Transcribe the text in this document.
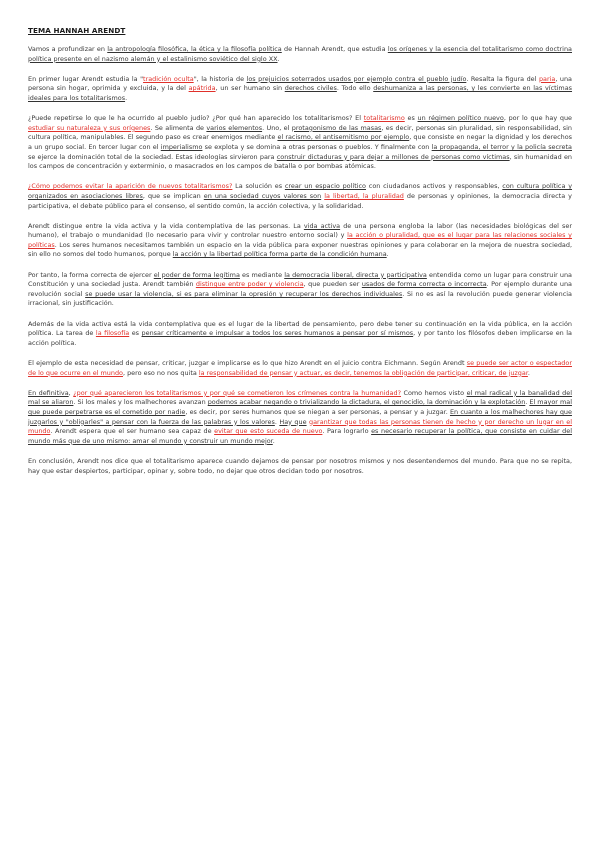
TEMA HANNAH ARENDT

Vamos a profundizar en la antropología filosófica, la ética y la filosofía política de Hannah Arendt, que estudia los orígenes y la esencia del totalitarismo como doctrina política presente en el nazismo alemán y el estalinismo soviético del siglo XX.

En primer lugar Arendt estudia la "tradición oculta", la historia de los prejuicios soterrados usados por ejemplo contra el pueblo judío. Resalta la figura del paria, una persona sin hogar, oprimida y excluida, y la del apátrida, un ser humano sin derechos civiles. Todo ello deshumaniza a las personas, y les convierte en las víctimas ideales para los totalitarismos.

¿Puede repetirse lo que le ha ocurrido al pueblo judío? ¿Por qué han aparecido los totalitarismos? El totalitarismo es un régimen político nuevo, por lo que hay que estudiar su naturaleza y sus orígenes. Se alimenta de varios elementos. Uno, el protagonismo de las masas, es decir, personas sin pluralidad, sin responsabilidad, sin cultura política, manipulables. El segundo paso es crear enemigos mediante el racismo, el antisemitismo por ejemplo, que consiste en negar la dignidad y los derechos a un grupo social. En tercer lugar con el imperialismo se explota y se domina a otras personas o pueblos. Y finalmente con la propaganda, el terror y la policía secreta se ejerce la dominación total de la sociedad. Estas ideologías sirvieron para construir dictaduras y para dejar a millones de personas como víctimas, sin humanidad en los campos de concentración y exterminio, o masacrados en los campos de batalla o por bombas atómicas.

¿Cómo podemos evitar la aparición de nuevos totalitarismos? La solución es crear un espacio político con ciudadanos activos y responsables, con cultura política y organizados en asociaciones libres, que se implican en una sociedad cuyos valores son la libertad, la pluralidad de personas y opiniones, la democracia directa y participativa, el debate público para el consenso, el sentido común, la acción colectiva, y la solidaridad.

Arendt distingue entre la vida activa y la vida contemplativa de las personas. La vida activa de una persona engloba la labor (las necesidades biológicas del ser humano), el trabajo o mundanidad (lo necesario para vivir y controlar nuestro entorno social) y la acción o pluralidad, que es el lugar para las relaciones sociales y políticas. Los seres humanos necesitamos también un espacio en la vida pública para exponer nuestras opiniones y para colaborar en la mejora de nuestra sociedad, sin ello no somos del todo humanos, porque la acción y la libertad política forma parte de la condición humana.

Por tanto, la forma correcta de ejercer el poder de forma legítima es mediante la democracia liberal, directa y participativa entendida como un lugar para construir una Constitución y una sociedad justa. Arendt también distingue entre poder y violencia, que pueden ser usados de forma correcta o incorrecta. Por ejemplo durante una revolución social se puede usar la violencia, si es para eliminar la opresión y recuperar los derechos individuales. Si no es así la revolución puede generar violencia irracional, sin justificación.

Además de la vida activa está la vida contemplativa que es el lugar de la libertad de pensamiento, pero debe tener su continuación en la vida pública, en la acción política. La tarea de la filosofía es pensar críticamente e impulsar a todos los seres humanos a pensar por sí mismos, y por tanto los filósofos deben implicarse en la acción política.

El ejemplo de esta necesidad de pensar, criticar, juzgar e implicarse es lo que hizo Arendt en el juicio contra Eichmann. Según Arendt se puede ser actor o espectador de lo que ocurre en el mundo, pero eso no nos quita la responsabilidad de pensar y actuar, es decir, tenemos la obligación de participar, criticar, de juzgar.

En definitiva, ¿por qué aparecieron los totalitarismos y por qué se cometieron los crímenes contra la humanidad? Como hemos visto el mal radical y la banalidad del mal se aliaron. Si los males y los malhechores avanzan podemos acabar negando o trivializando la dictadura, el genocidio, la dominación y la explotación. El mayor mal que puede perpetrarse es el cometido por nadie, es decir, por seres humanos que se niegan a ser personas, a pensar y a juzgar. En cuanto a los malhechores hay que juzgarlos y "obligarles" a pensar con la fuerza de las palabras y los valores. Hay que garantizar que todas las personas tienen de hecho y por derecho un lugar en el mundo. Arendt espera que el ser humano sea capaz de evitar que esto suceda de nuevo. Para lograrlo es necesario recuperar la política, que consiste en cuidar del mundo más que de uno mismo: amar el mundo y construir un mundo mejor.

En conclusión, Arendt nos dice que el totalitarismo aparece cuando dejamos de pensar por nosotros mismos y nos desentendemos del mundo. Para que no se repita, hay que estar despiertos, participar, opinar y, sobre todo, no dejar que otros decidan todo por nosotros.
